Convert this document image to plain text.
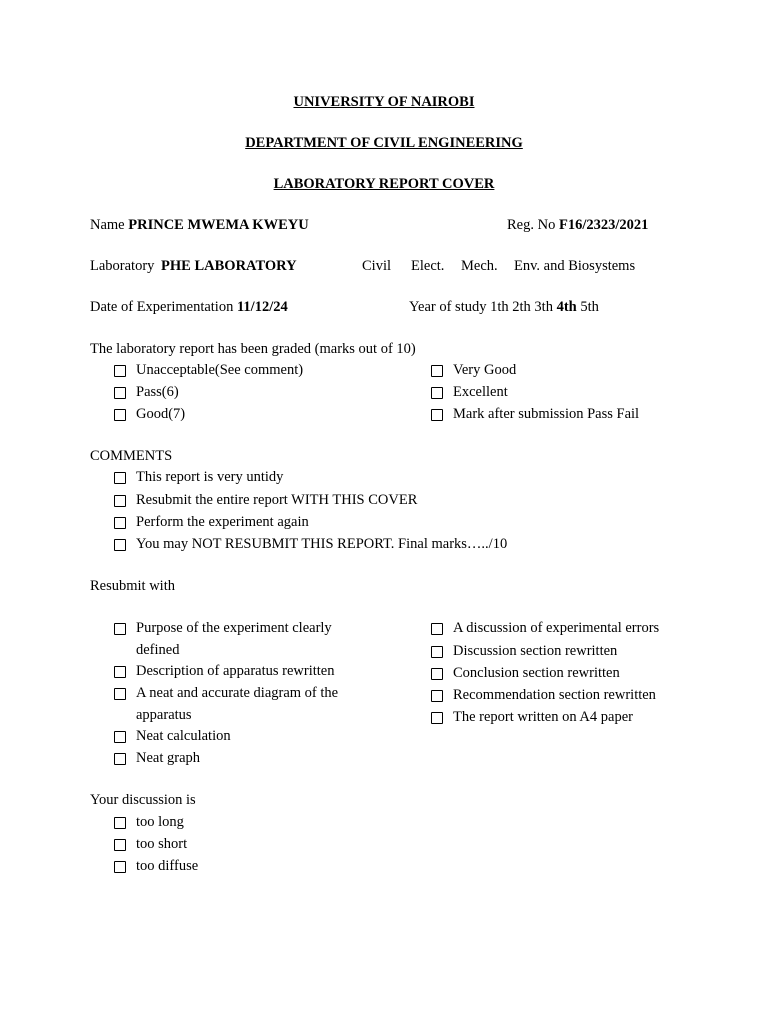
UNIVERSITY OF NAIROBI
DEPARTMENT OF CIVIL ENGINEERING
LABORATORY REPORT COVER
Name PRINCE MWEMA KWEYU	Reg. No F16/2323/2021
Laboratory PHE LABORATORY	Civil Elect. Mech. Env. and Biosystems
Date of Experimentation 11/12/24	Year of study 1th 2th 3th 4th 5th
The laboratory report has been graded (marks out of 10)
Unacceptable(See comment)
Pass(6)
Good(7)
Very Good
Excellent
Mark after submission Pass Fail
COMMENTS
This report is very untidy
Resubmit the entire report WITH THIS COVER
Perform the experiment again
You may NOT RESUBMIT THIS REPORT. Final marks…../10
Resubmit with
Purpose of the experiment clearly defined
Description of apparatus rewritten
A neat and accurate diagram of the apparatus
Neat calculation
Neat graph
A discussion of experimental errors
Discussion section rewritten
Conclusion section rewritten
Recommendation section rewritten
The report written on A4 paper
Your discussion is
too long
too short
too diffuse
